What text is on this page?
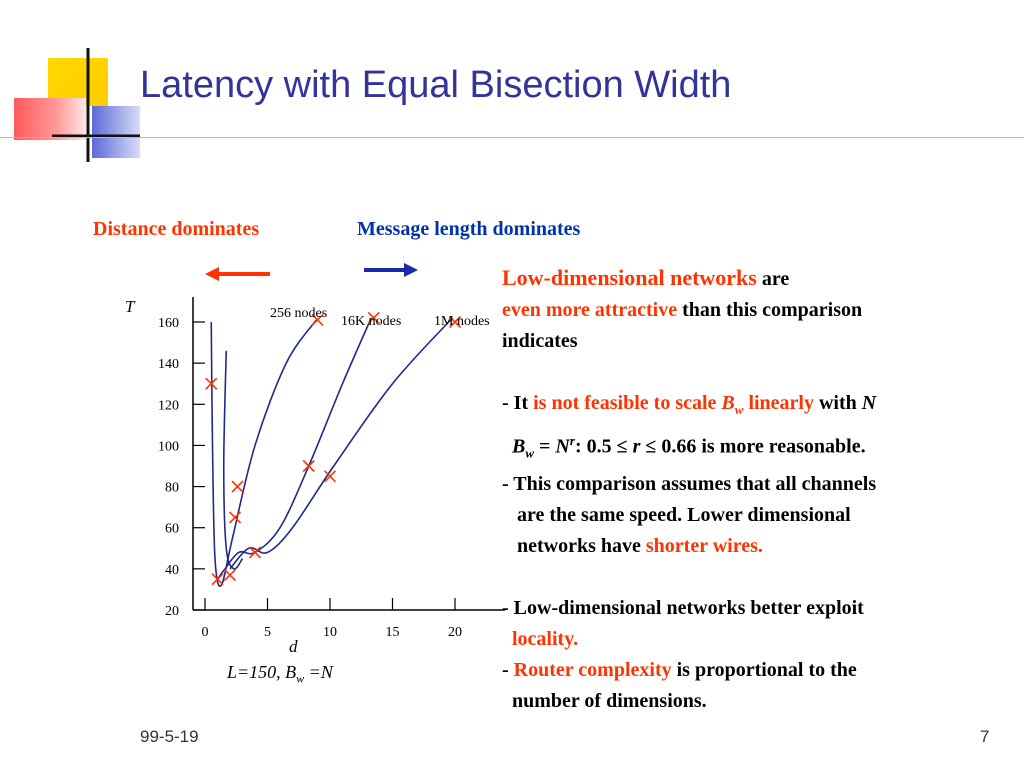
Latency with Equal Bisection Width
Distance dominates	Message length dominates
T
d
160
140
120
100
80
60
40
20
0	5	10	15	20
256 nodes
16K nodes 1M nodes
L=150, $B_w =N$
Low-dimensional networks are
even more attractive than this comparison
indicates

- It is not feasible to scale $B_w$ linearly with N
$B_w = N^r$: 0.5 ≤ r ≤ 0.66 is more reasonable.
- This comparison assumes that all channels
are the same speed. Lower dimensional
networks have shorter wires.

- Low-dimensional networks better exploit
locality.
- Router complexity is proportional to the
number of dimensions.
99-5-19	7
